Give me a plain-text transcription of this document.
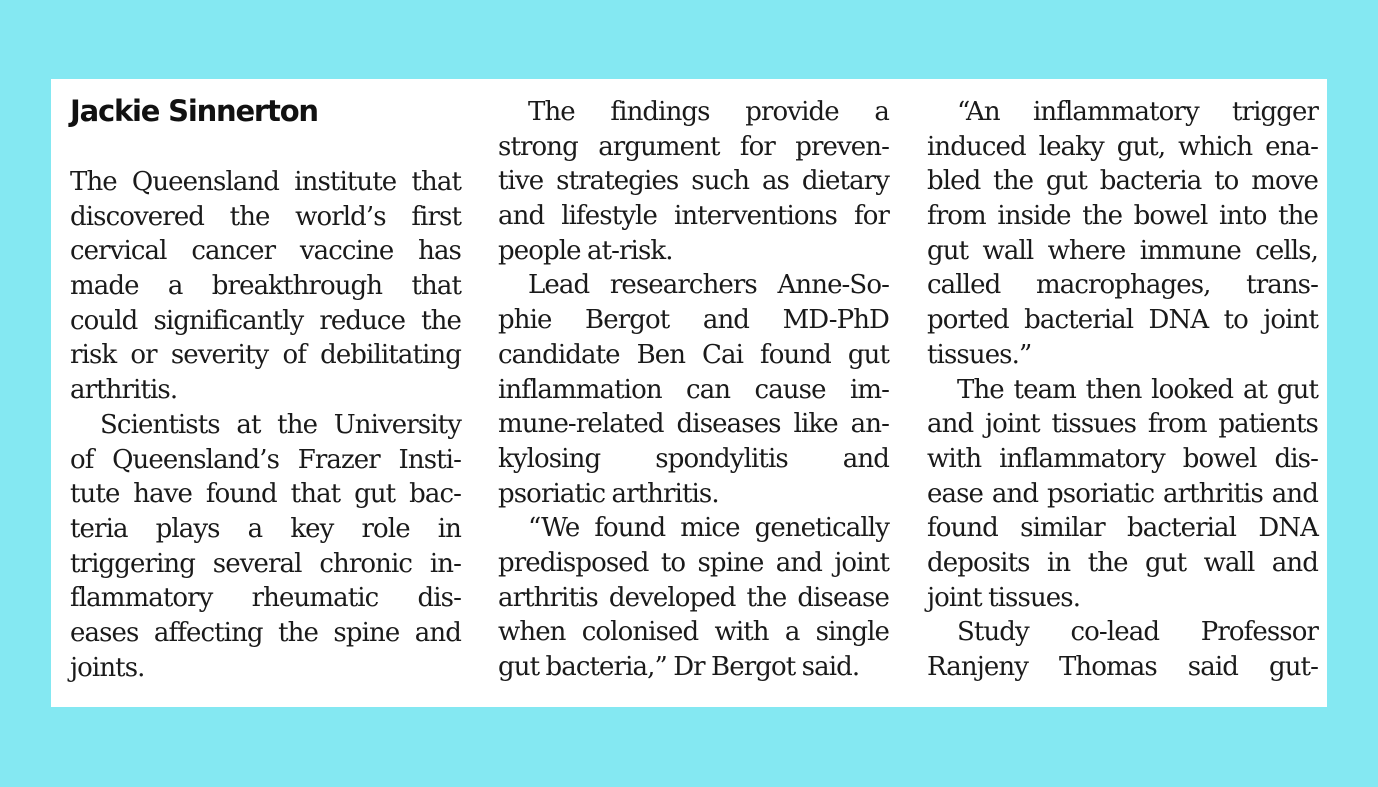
Jackie Sinnerton
The Queensland institute that
discovered the world’s first
cervical cancer vaccine has
made a breakthrough that
could significantly reduce the
risk or severity of debilitating
arthritis.
Scientists at the University
of Queensland’s Frazer Insti-
tute have found that gut bac-
teria plays a key role in
triggering several chronic in-
flammatory rheumatic dis-
eases affecting the spine and
joints.
The findings provide a
strong argument for preven-
tive strategies such as dietary
and lifestyle interventions for
people at-risk.
Lead researchers Anne-So-
phie Bergot and MD-PhD
candidate Ben Cai found gut
inflammation can cause im-
mune-related diseases like an-
kylosing spondylitis and
psoriatic arthritis.
“We found mice genetically
predisposed to spine and joint
arthritis developed the disease
when colonised with a single
gut bacteria,” Dr Bergot said.
“An inflammatory trigger
induced leaky gut, which ena-
bled the gut bacteria to move
from inside the bowel into the
gut wall where immune cells,
called macrophages, trans-
ported bacterial DNA to joint
tissues.”
The team then looked at gut
and joint tissues from patients
with inflammatory bowel dis-
ease and psoriatic arthritis and
found similar bacterial DNA
deposits in the gut wall and
joint tissues.
Study co-lead Professor
Ranjeny Thomas said gut-
